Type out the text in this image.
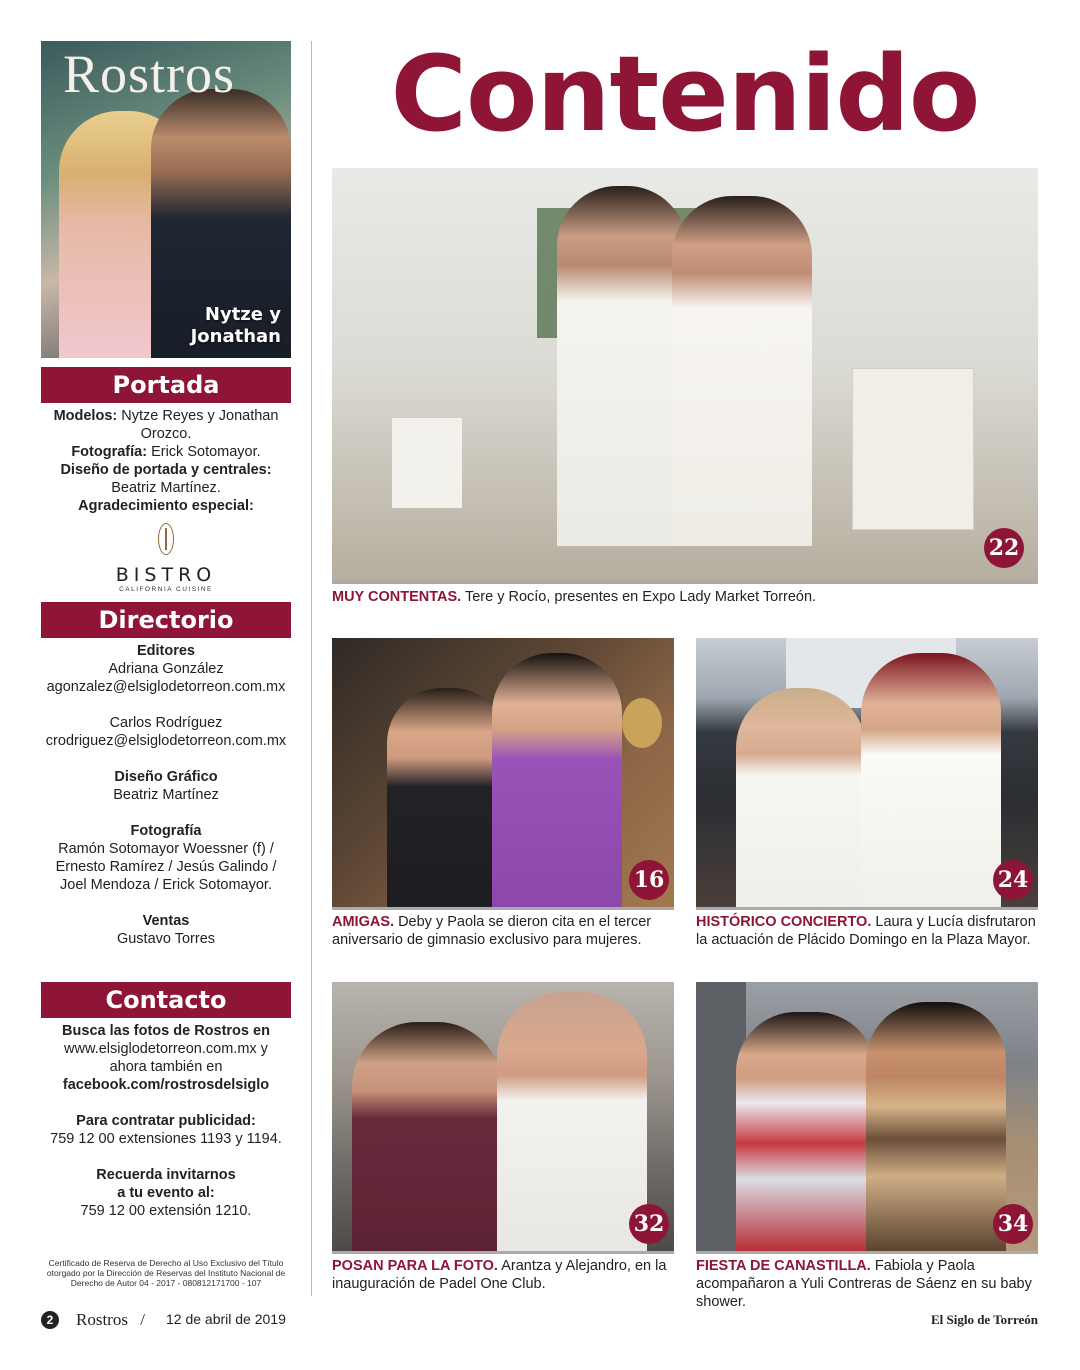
Rostros
Nytze y
Jonathan
Portada
Modelos: Nytze Reyes y Jonathan Orozco.
Fotografía: Erick Sotomayor.
Diseño de portada y centrales:
Beatriz Martínez.
Agradecimiento especial:
BISTRO
CALIFORNIA CUISINE
Directorio
Editores
Adriana González
agonzalez@elsiglodetorreon.com.mx
Carlos Rodríguez
crodriguez@elsiglodetorreon.com.mx
Diseño Gráfico
Beatriz Martínez
Fotografía
Ramón Sotomayor Woessner (f) /
Ernesto Ramírez / Jesús Galindo /
Joel Mendoza / Erick Sotomayor.
Ventas
Gustavo Torres
Contacto
Busca las fotos de Rostros en
www.elsiglodetorreon.com.mx y
ahora también en
facebook.com/rostrosdelsiglo
Para contratar publicidad:
759 12 00 extensiones 1193 y 1194.
Recuerda invitarnos
a tu evento al:
759 12 00 extensión 1210.
Certificado de Reserva de Derecho al Uso Exclusivo del Título otorgado por la Dirección de Reservas del Instituto Nacional de Derecho de Autor 04 - 2017 - 080812171700 - 107
Contenido
22
MUY CONTENTAS. Tere y Rocío, presentes en Expo Lady Market Torreón.
16
AMIGAS. Deby y Paola se dieron cita en el tercer aniversario de gimnasio exclusivo para mujeres.
24
HISTÓRICO CONCIERTO. Laura y Lucía disfrutaron la actuación de Plácido Domingo en la Plaza Mayor.
32
POSAN PARA LA FOTO. Arantza y Alejandro, en la inauguración de Padel One Club.
34
FIESTA DE CANASTILLA. Fabiola y Paola acompañaron a Yuli Contreras de Sáenz en su baby shower.
2	Rostros / 12 de abril de 2019	El Siglo de Torreón
